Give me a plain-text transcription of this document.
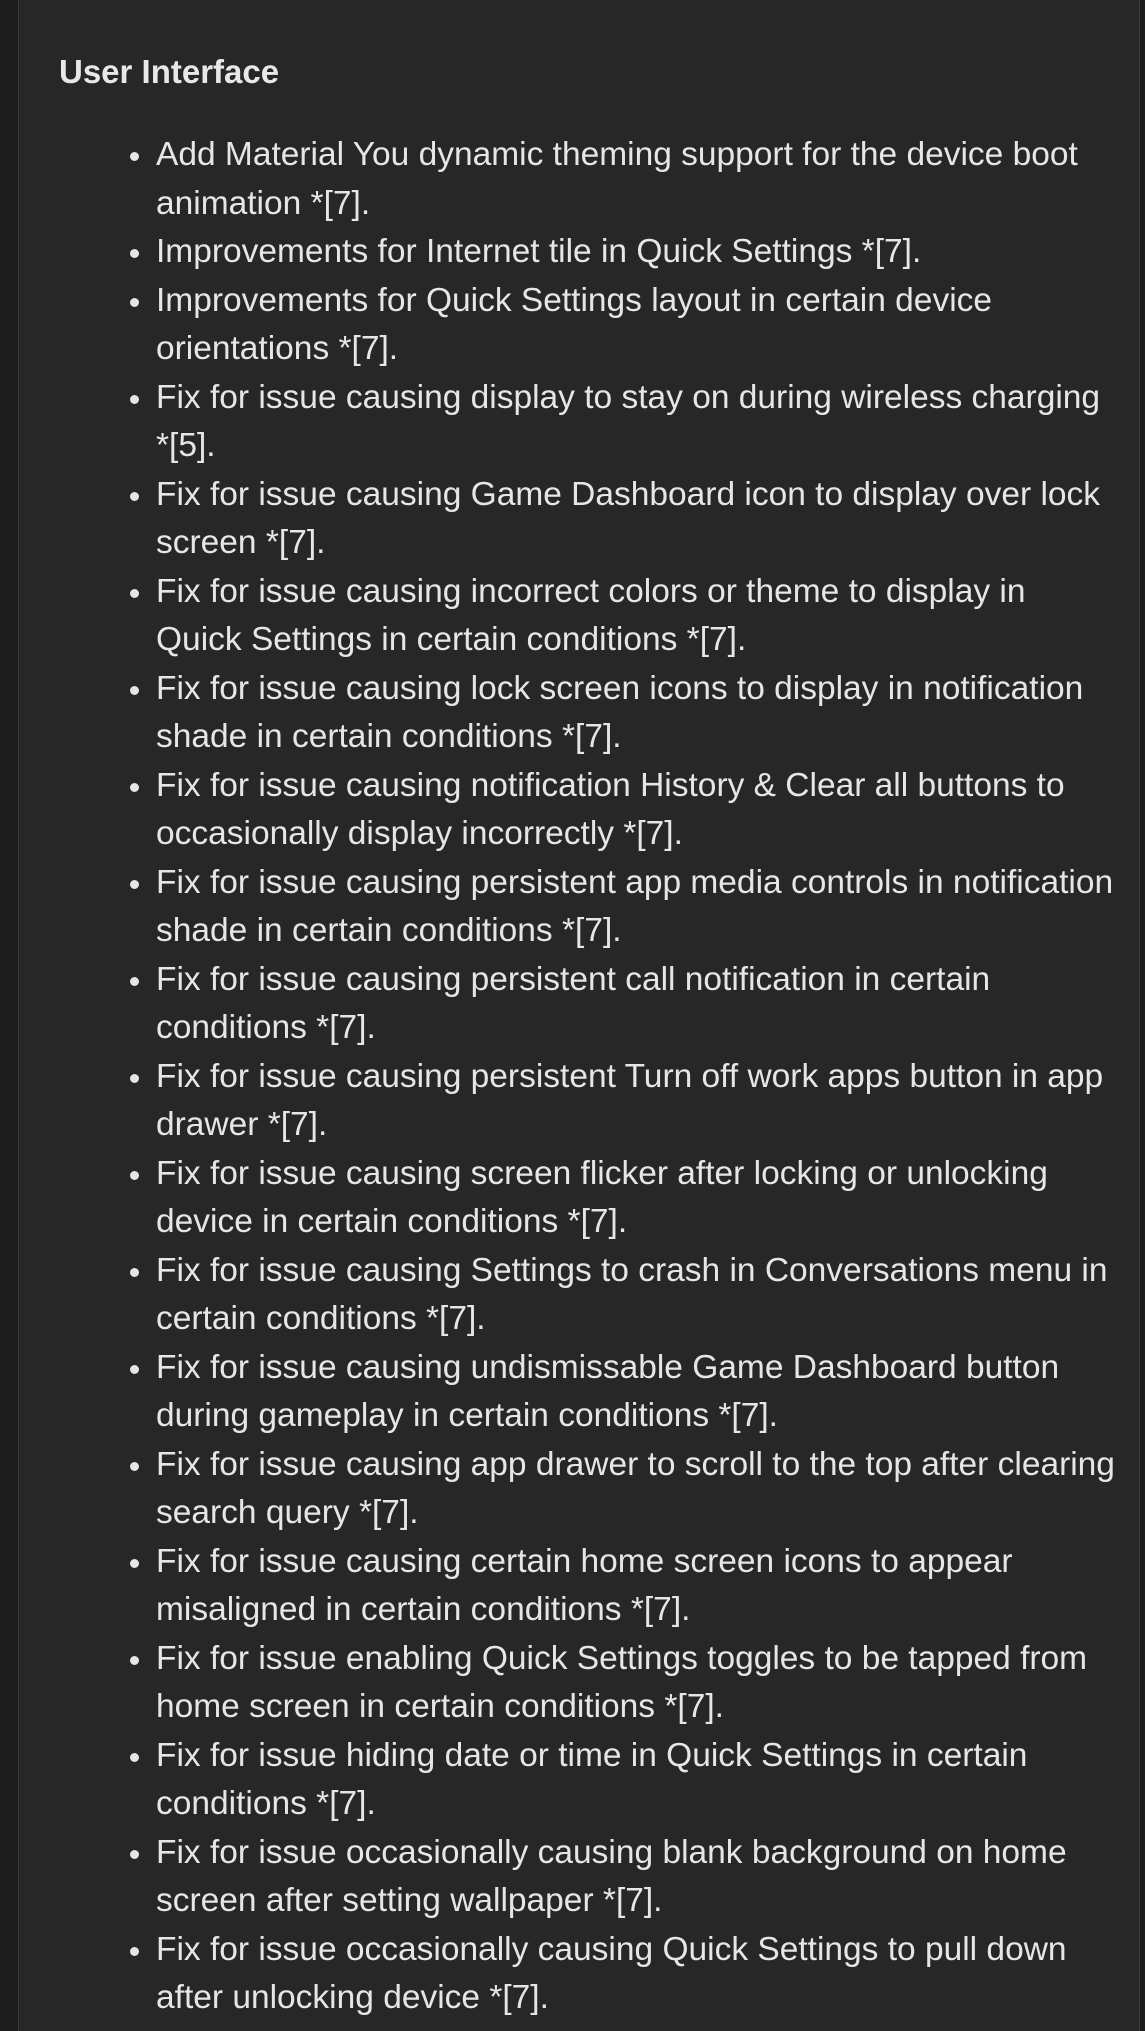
User Interface
Add Material You dynamic theming support for the device boot animation *[7].
Improvements for Internet tile in Quick Settings *[7].
Improvements for Quick Settings layout in certain device orientations *[7].
Fix for issue causing display to stay on during wireless charging *[5].
Fix for issue causing Game Dashboard icon to display over lock screen *[7].
Fix for issue causing incorrect colors or theme to display in Quick Settings in certain conditions *[7].
Fix for issue causing lock screen icons to display in notification shade in certain conditions *[7].
Fix for issue causing notification History & Clear all buttons to occasionally display incorrectly *[7].
Fix for issue causing persistent app media controls in notification shade in certain conditions *[7].
Fix for issue causing persistent call notification in certain conditions *[7].
Fix for issue causing persistent Turn off work apps button in app drawer *[7].
Fix for issue causing screen flicker after locking or unlocking device in certain conditions *[7].
Fix for issue causing Settings to crash in Conversations menu in certain conditions *[7].
Fix for issue causing undismissable Game Dashboard button during gameplay in certain conditions *[7].
Fix for issue causing app drawer to scroll to the top after clearing search query *[7].
Fix for issue causing certain home screen icons to appear misaligned in certain conditions *[7].
Fix for issue enabling Quick Settings toggles to be tapped from home screen in certain conditions *[7].
Fix for issue hiding date or time in Quick Settings in certain conditions *[7].
Fix for issue occasionally causing blank background on home screen after setting wallpaper *[7].
Fix for issue occasionally causing Quick Settings to pull down after unlocking device *[7].
